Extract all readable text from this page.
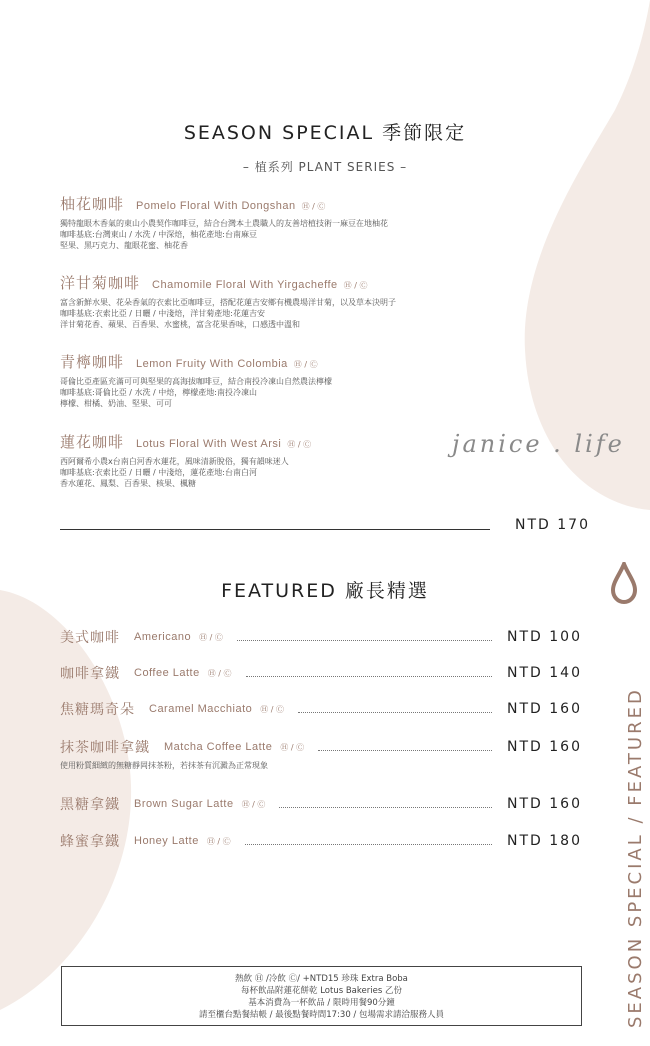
SEASON SPECIAL 季節限定
– 植系列 PLANT SERIES –
柚花咖啡 Pomelo Floral With Dongshan Ⓗ / Ⓒ
獨特龍眼木香氣的東山小農契作咖啡豆，結合台灣本土農職人的友善培植技術一麻豆在地柚花
咖啡基底:台灣東山 / 水洗 / 中深焙，柚花產地:台南麻豆
堅果、黑巧克力、龍眼花蜜、柚花香
洋甘菊咖啡 Chamomile Floral With Yirgacheffe Ⓗ / Ⓒ
富含新鮮水果、花朵香氣的衣索比亞咖啡豆，搭配花蓮吉安鄉有機農場洋甘菊，以及草本決明子
咖啡基底:衣索比亞 / 日曬 / 中淺焙，洋甘菊產地:花蓮吉安
洋甘菊花香、蘋果、百香果、水蜜桃，富含花果香味，口感透中溫和
青檸咖啡 Lemon Fruity With Colombia Ⓗ / Ⓒ
哥倫比亞產區充滿可可與堅果的高海拔咖啡豆，結合南投冷凍山自然農法檸檬
咖啡基底:哥倫比亞 / 水洗 / 中焙，檸檬產地:南投冷凍山
檸檬、柑橘、奶油、堅果、可可
蓮花咖啡 Lotus Floral With West Arsi Ⓗ / Ⓒ
西阿爾希小農x台南白河香水蓮花，風味清新脫俗，獨有韻味迷人
咖啡基底:衣索比亞 / 日曬 / 中淺焙，蓮花產地:台南白河
香水蓮花、鳳梨、百香果、核果、楓糖
janice . life
NTD 170
FEATURED 廠長精選
美式咖啡 Americano Ⓗ / Ⓒ	NTD 100
咖啡拿鐵 Coffee Latte Ⓗ / Ⓒ	NTD 140
焦糖瑪奇朵 Caramel Macchiato Ⓗ / Ⓒ	NTD 160
抹茶咖啡拿鐵 Matcha Coffee Latte Ⓗ / Ⓒ	NTD 160
使用粉質細緻的無糖靜岡抹茶粉，若抹茶有沉澱為正常現象
黑糖拿鐵 Brown Sugar Latte Ⓗ / Ⓒ	NTD 160
蜂蜜拿鐵 Honey Latte Ⓗ / Ⓒ	NTD 180
熱飲 Ⓗ /冷飲 Ⓒ/ +NTD15 珍珠 Extra Boba
每杯飲品附蓮花餅乾 Lotus Bakeries 乙份
基本消費為一杯飲品 / 限時用餐90分鐘
請至櫃台點餐結帳 / 最後點餐時間17:30 / 包場需求請洽服務人員	SEASON SPECIAL / FEATURED
